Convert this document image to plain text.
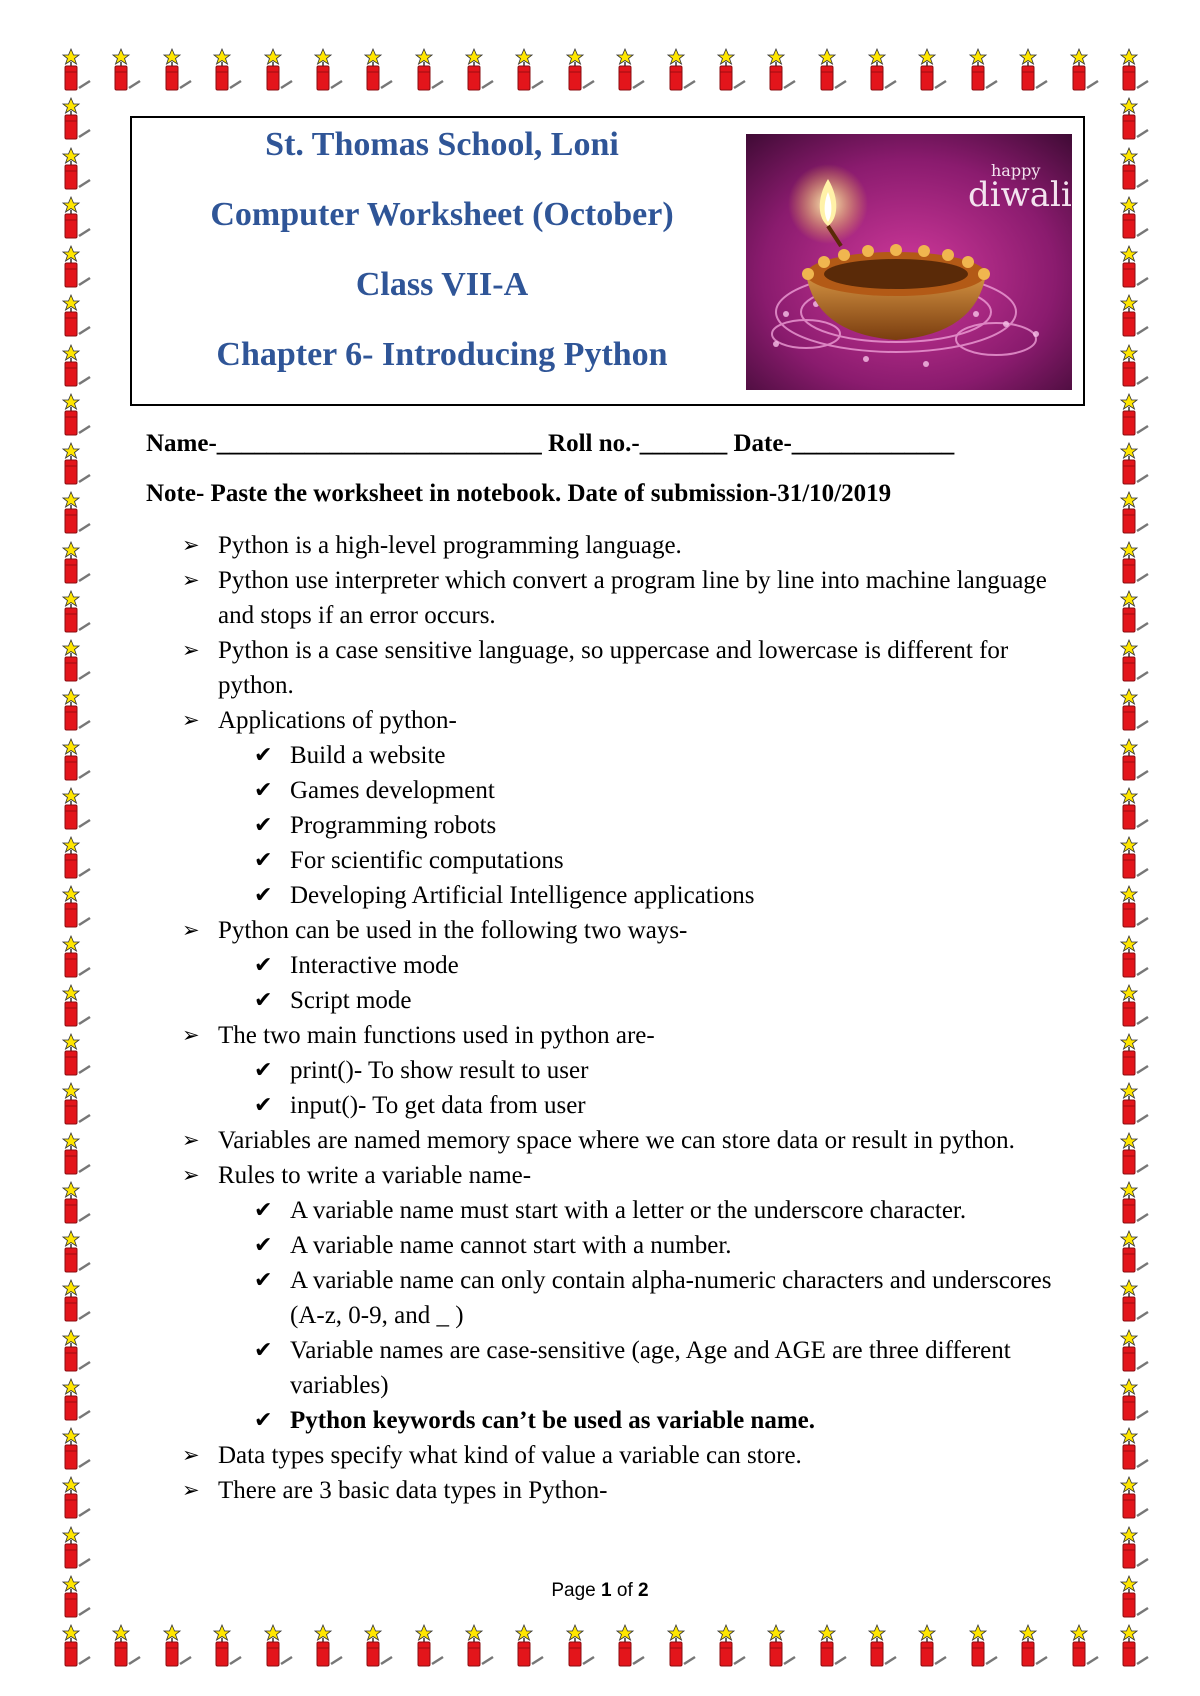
St. Thomas School, Loni
Computer Worksheet (October)
Class VII-A
Chapter 6- Introducing Python
happy
diwali
Name-__________________________ Roll no.-_______ Date-_____________
Note- Paste the worksheet in notebook. Date of submission-31/10/2019
➢ Python is a high-level programming language.
➢ Python use interpreter which convert a program line by line into machine language and stops if an error occurs.
➢ Python is a case sensitive language, so uppercase and lowercase is different for python.
➢ Applications of python-
✔ Build a website
✔ Games development
✔ Programming robots
✔ For scientific computations
✔ Developing Artificial Intelligence applications
➢ Python can be used in the following two ways-
✔ Interactive mode
✔ Script mode
➢ The two main functions used in python are-
✔ print()- To show result to user
✔ input()- To get data from user
➢ Variables are named memory space where we can store data or result in python.
➢ Rules to write a variable name-
✔ A variable name must start with a letter or the underscore character.
✔ A variable name cannot start with a number.
✔ A variable name can only contain alpha-numeric characters and underscores (A-z, 0-9, and _ )
✔ Variable names are case-sensitive (age, Age and AGE are three different variables)
✔ Python keywords can’t be used as variable name.
➢ Data types specify what kind of value a variable can store.
➢ There are 3 basic data types in Python-
Page 1 of 2
